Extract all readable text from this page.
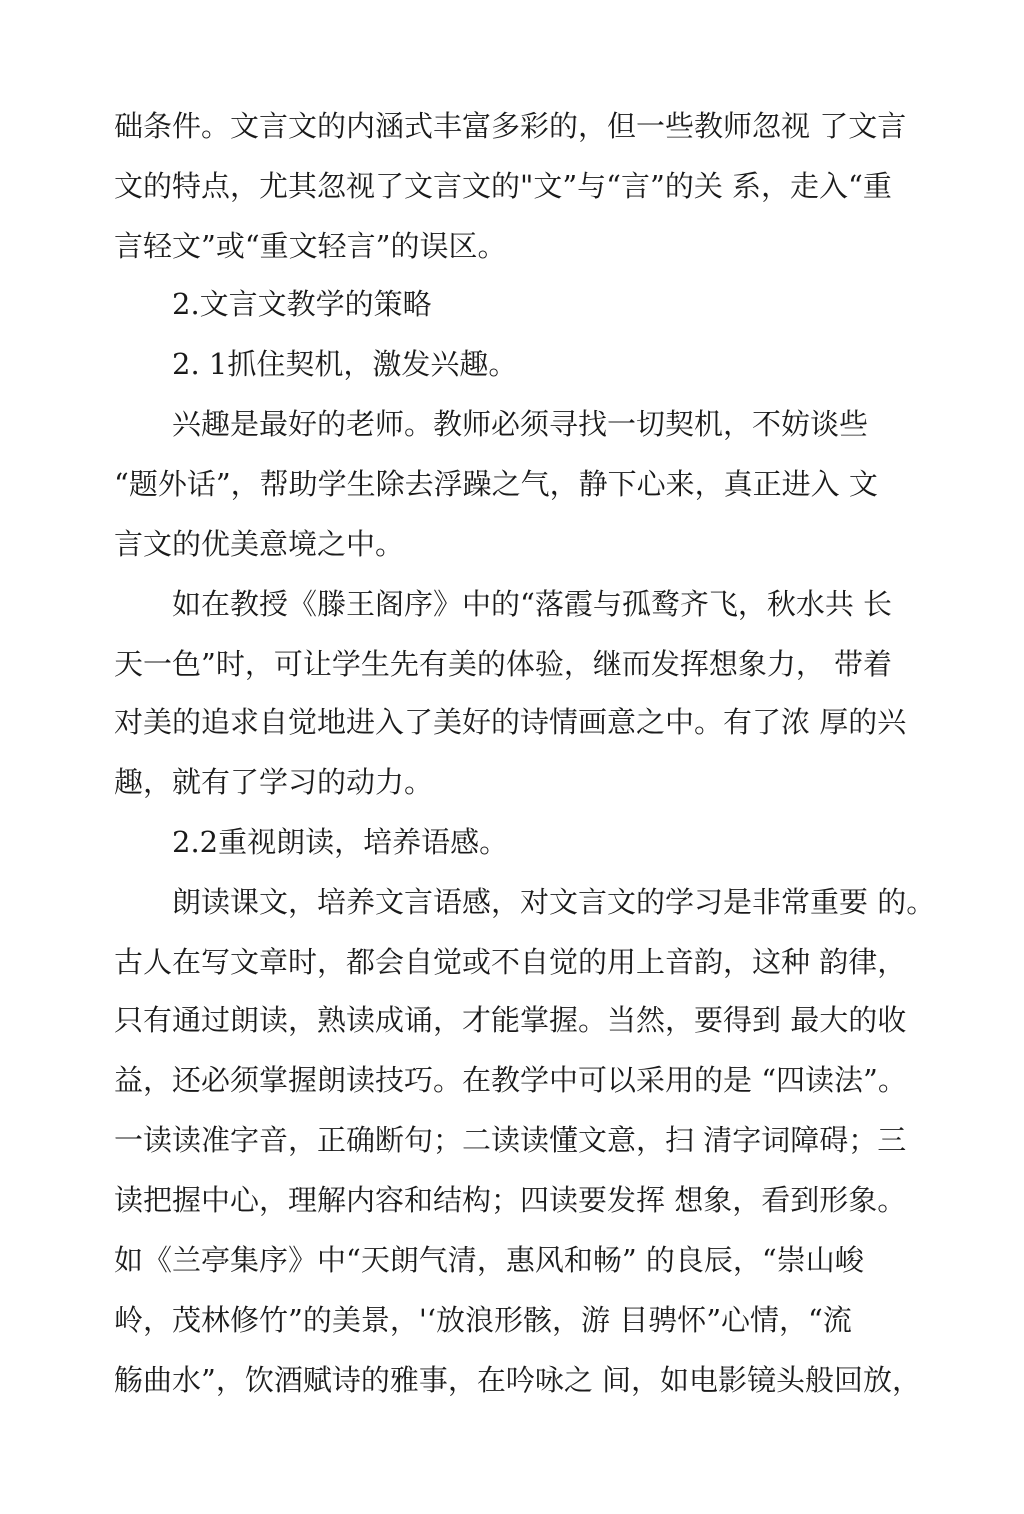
础条件。文言文的内涵式丰富多彩的，但一些教师忽视 了文言
文的特点，尤其忽视了文言文的"文”与“言”的关 系，走入“重
言轻文”或“重文轻言”的误区。
2.文言文教学的策略
2. 1抓住契机，激发兴趣。
兴趣是最好的老师。教师必须寻找一切契机，不妨谈些
“题外话”，帮助学生除去浮躁之气，静下心来，真正进入 文
言文的优美意境之中。
如在教授《滕王阁序》中的“落霞与孤鹜齐飞，秋水共 长
天一色”时，可让学生先有美的体验，继而发挥想象力， 带着
对美的追求自觉地进入了美好的诗情画意之中。有了浓 厚的兴
趣，就有了学习的动力。
2.2重视朗读，培养语感。
朗读课文，培养文言语感，对文言文的学习是非常重要 的。
古人在写文章时，都会自觉或不自觉的用上音韵，这种 韵律，
只有通过朗读，熟读成诵，才能掌握。当然，要得到 最大的收
益，还必须掌握朗读技巧。在教学中可以采用的是 “四读法”。
一读读准字音，正确断句；二读读懂文意，扫 清字词障碍；三
读把握中心，理解内容和结构；四读要发挥 想象，看到形象。
如《兰亭集序》中“天朗气清，惠风和畅” 的良辰，“崇山峻
岭，茂林修竹”的美景，'‘放浪形骸，游 目骋怀”心情，“流
觞曲水”，饮酒赋诗的雅事，在吟咏之 间，如电影镜头般回放，
